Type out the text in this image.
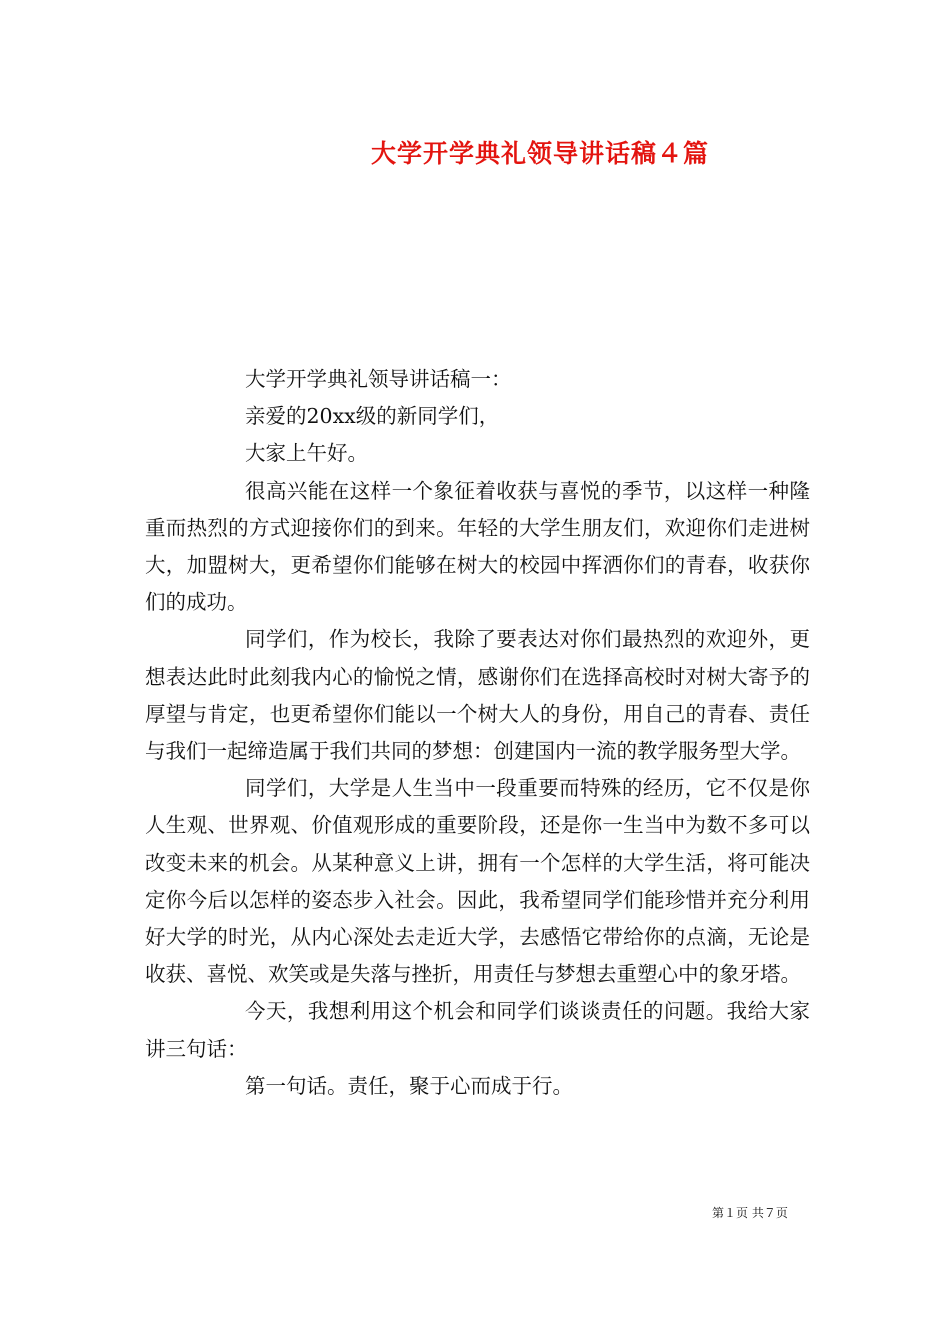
大学开学典礼领导讲话稿４篇

大学开学典礼领导讲话稿一：

亲爱的20xx级的新同学们，

大家上午好。

很高兴能在这样一个象征着收获与喜悦的季节，以这样一种隆重而热烈的方式迎接你们的到来。年轻的大学生朋友们，欢迎你们走进树大，加盟树大，更希望你们能够在树大的校园中挥洒你们的青春，收获你们的成功。

同学们，作为校长，我除了要表达对你们最热烈的欢迎外，更想表达此时此刻我内心的愉悦之情，感谢你们在选择高校时对树大寄予的厚望与肯定，也更希望你们能以一个树大人的身份，用自己的青春、责任与我们一起缔造属于我们共同的梦想：创建国内一流的教学服务型大学。

同学们，大学是人生当中一段重要而特殊的经历，它不仅是你人生观、世界观、价值观形成的重要阶段，还是你一生当中为数不多可以改变未来的机会。从某种意义上讲，拥有一个怎样的大学生活，将可能决定你今后以怎样的姿态步入社会。因此，我希望同学们能珍惜并充分利用好大学的时光，从内心深处去走近大学，去感悟它带给你的点滴，无论是收获、喜悦、欢笑或是失落与挫折，用责任与梦想去重塑心中的象牙塔。

今天，我想利用这个机会和同学们谈谈责任的问题。我给大家讲三句话：

第一句话。责任，聚于心而成于行。

第１页 共７页
